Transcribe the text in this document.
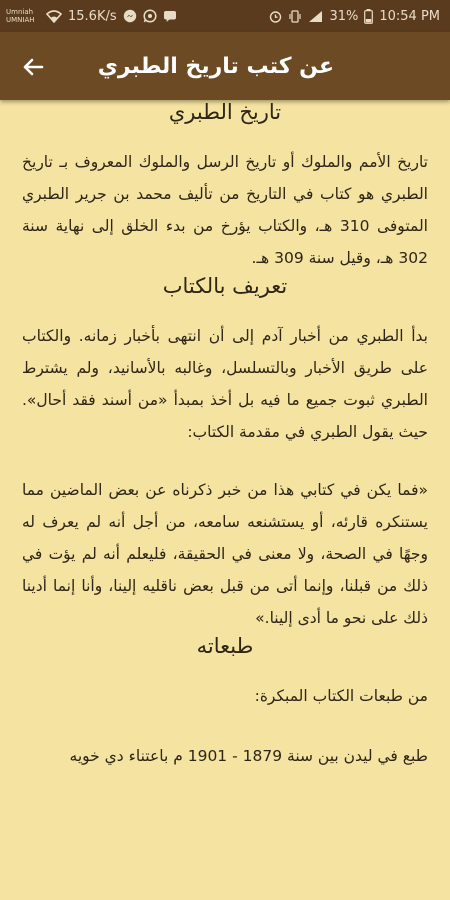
Umniah
UMNIAH	15.6K/s	31% 10:54 PM
عن كتب تاريخ الطبري
تاريخ الطبري

تاريخ الأمم والملوك أو تاريخ الرسل والملوك المعروف بـ تاريخ الطبري هو كتاب في التاريخ من تأليف محمد بن جرير الطبري المتوفى 310 هـ، والكتاب يؤرخ من بدء الخلق إلى نهاية سنة 302 هـ، وقيل سنة 309 هـ.

تعريف بالكتاب

بدأ الطبري من أخبار آدم إلى أن انتهى بأخبار زمانه. والكتاب على طريق الأخبار وبالتسلسل، وغالبه بالأسانيد، ولم يشترط الطبري ثبوت جميع ما فيه بل أخذ بمبدأ «من أسند فقد أحال». حيث يقول الطبري في مقدمة الكتاب:

«فما يكن في كتابي هذا من خبر ذكرناه عن بعض الماضين مما يستنكره قارئه، أو يستشنعه سامعه، من أجل أنه لم يعرف له وجهًا في الصحة، ولا معنى في الحقيقة، فليعلم أنه لم يؤت في ذلك من قبلنا، وإنما أتى من قبل بعض ناقليه إلينا، وأنا إنما أدينا ذلك على نحو ما أدى إلينا.»

طبعاته

من طبعات الكتاب المبكرة:

طبع في ليدن بين سنة 1879 - 1901 م باعتناء دي خويه
